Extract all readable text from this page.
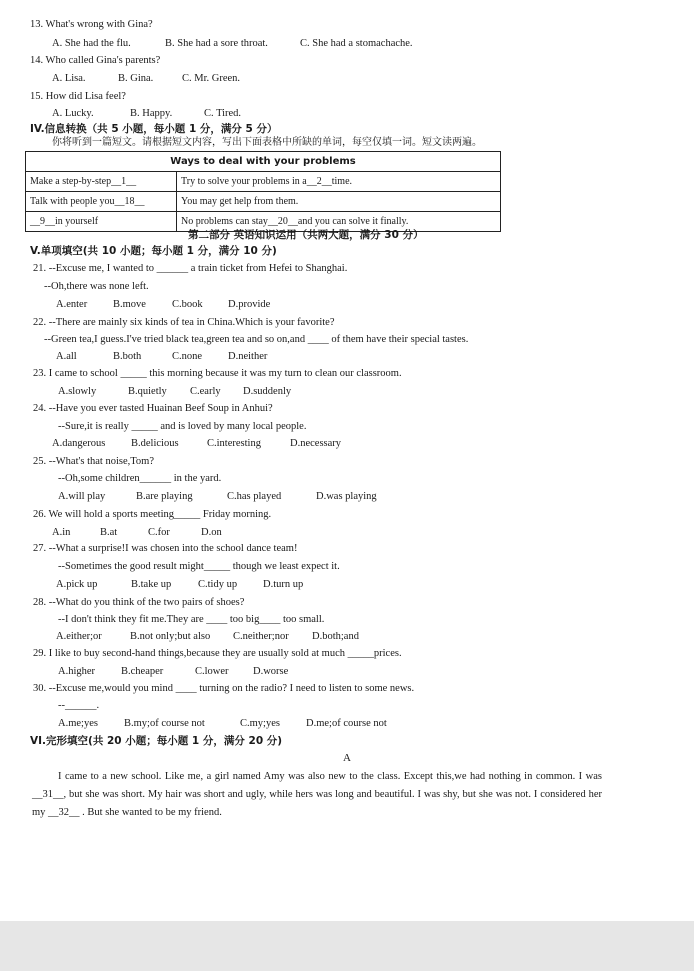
13. What's wrong with Gina?
A. She had the flu.	B. She had a sore throat.	C. She had a stomachache.
14. Who called Gina's parents?
A. Lisa.	B. Gina.	C. Mr. Green.
15. How did Lisa feel?
A. Lucky.	B. Happy.	C. Tired.
IV.信息转换（共 5 小题，每小题 1 分，满分 5 分）
你将听到一篇短文。请根据短文内容，写出下面表格中所缺的单词，每空仅填一词。短文读两遍。
Ways to deal with your problems	
Make a step-by-step__1__	Try to solve your problems in a__2__time.
Talk with people you__18__	You may get help from them.
__9__in yourself	No problems can stay__20__and you can solve it finally.
第二部分 英语知识运用（共两大题，满分 30 分）
V.单项填空(共 10 小题；每小题 1 分，满分 10 分)
21. --Excuse me, I wanted to ______ a train ticket from Hefei to Shanghai.
--Oh,there was none left.
A.enter B.move C.book D.provide
22. --There are mainly six kinds of tea in China.Which is your favorite?
--Green tea,I guess.I've tried black tea,green tea and so on,and ____ of them have their special tastes.
A.all	B.both	C.none D.neither
23. I came to school _____ this morning because it was my turn to clean our classroom.
A.slowly	B.quietly C.early D.suddenly
24. --Have you ever tasted Huainan Beef Soup in Anhui?
--Sure,it is really _____ and is loved by many local people.
A.dangerous B.delicious	C.interesting	D.necessary
25. --What's that noise,Tom?
--Oh,some children______ in the yard.
A.will play	B.are playing	C.has played	D.was playing
26. We will hold a sports meeting_____ Friday morning.
A.in	B.at	C.for	D.on
27. --What a surprise!I was chosen into the school dance team!
--Sometimes the good result might_____ though we least expect it.
A.pick up	B.take up	C.tidy up D.turn up
28. --What do you think of the two pairs of shoes?
--I don't think they fit me.They are ____ too big____ too small.
A.either;or	B.not only;but also C.neither;nor D.both;and
29. I like to buy second-hand things,because they are usually sold at much _____prices.
A.higher B.cheaper	C.lower D.worse
30. --Excuse me,would you mind ____ turning on the radio? I need to listen to some news.
--______.
A.me;yes B.my;of course not	C.my;yes D.me;of course not
VI.完形填空(共 20 小题；每小题 1 分，满分 20 分)
A
I came to a new school. Like me, a girl named Amy was also new to the class. Except this,we had nothing in common. I was __31__, but she was short. My hair was short and ugly, while hers was long and beautiful. I was shy, but she was not. I considered her my __32__ . But she wanted to be my friend.
